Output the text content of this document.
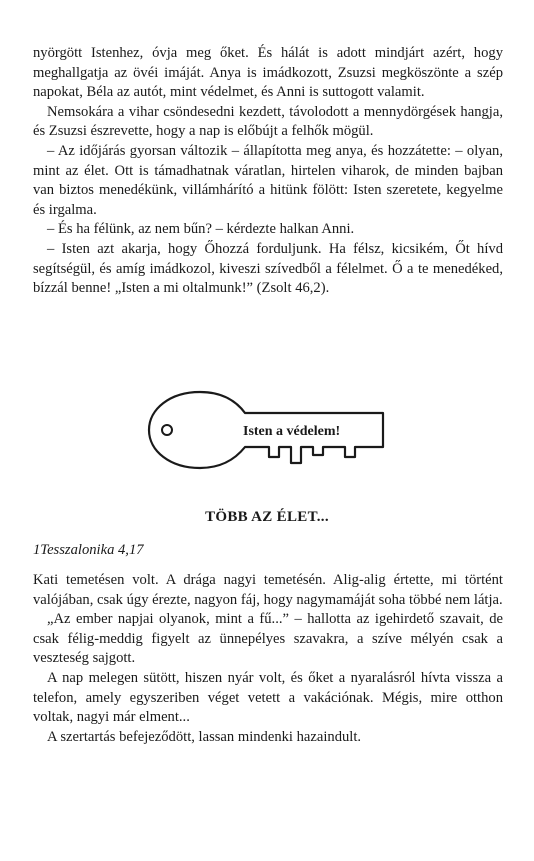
nyörgött Istenhez, óvja meg őket. És hálát is adott mindjárt azért, hogy meghallgatja az övéi imáját. Anya is imádkozott, Zsuzsi megköszönte a szép napokat, Béla az autót, mint védelmet, és Anni is suttogott valamit.

Nemsokára a vihar csöndesedni kezdett, távolodott a mennydörgések hangja, és Zsuzsi észrevette, hogy a nap is előbújt a felhők mögül.

– Az időjárás gyorsan változik – állapította meg anya, és hozzátette: – olyan, mint az élet. Ott is támadhatnak váratlan, hirtelen viharok, de minden bajban van biztos menedékünk, villámhárító a hitünk fölött: Isten szeretete, kegyelme és irgalma.

– És ha félünk, az nem bűn? – kérdezte halkan Anni.

– Isten azt akarja, hogy Őhozzá forduljunk. Ha félsz, kicsikém, Őt hívd segítségül, és amíg imádkozol, kiveszi szívedből a félelmet. Ő a te menedéked, bízzál benne! „Isten a mi oltalmunk!” (Zsolt 46,2).

Isten a védelem!
TÖBB AZ ÉLET...
1Tesszalonika 4,17

Kati temetésen volt. A drága nagyi temetésén. Alig-alig értette, mi történt valójában, csak úgy érezte, nagyon fáj, hogy nagymamáját soha többé nem látja.

„Az ember napjai olyanok, mint a fű...” – hallotta az igehirdető szavait, de csak félig-meddig figyelt az ünnepélyes szavakra, a szíve mélyén csak a veszteség sajgott.

A nap melegen sütött, hiszen nyár volt, és őket a nyaralásról hívta vissza a telefon, amely egyszeriben véget vetett a vakációnak. Mégis, mire otthon voltak, nagyi már elment...

A szertartás befejeződött, lassan mindenki hazaindult.
